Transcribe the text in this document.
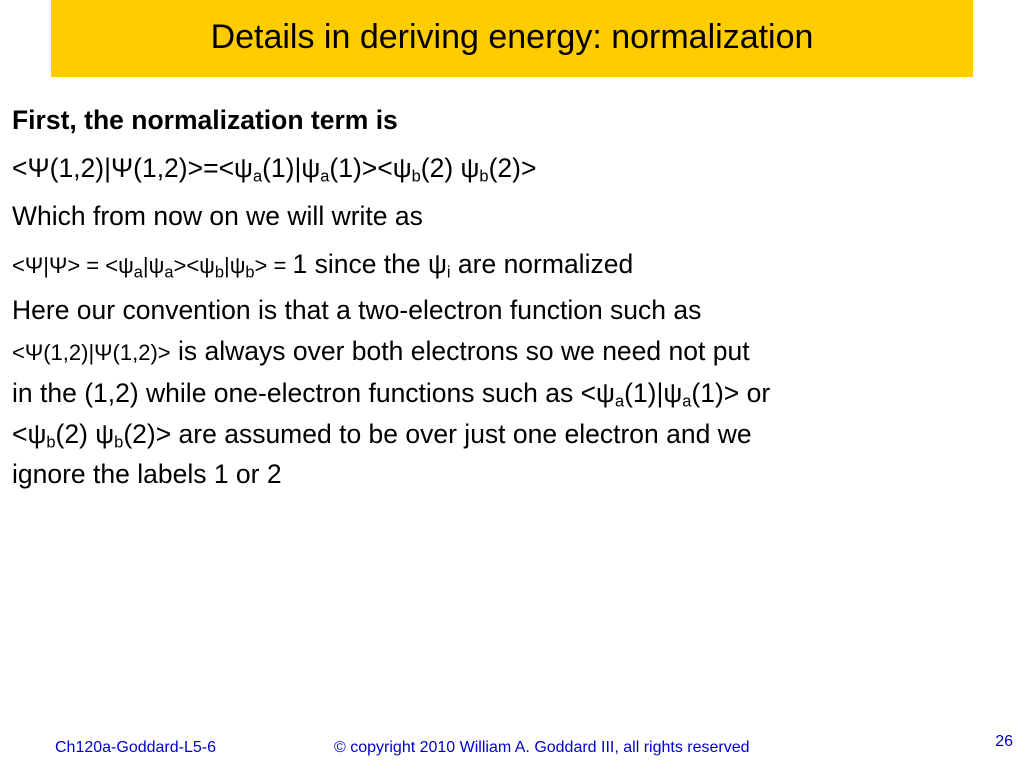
Details in deriving energy: normalization
First, the normalization term is
$<\Psi(1,2)|\Psi(1,2)>=<\psi_a(1)|\psi_a(1)><\psi_b(2)$ $\psi_b(2)>$
Which from now on we will write as
$<\Psi|\Psi> = <\psi_a|\psi_a><\psi_b|\psi_b> = 1$ since the $\psi_i$ are normalized
Here our convention is that a two-electron function such as
<Ψ(1,2)|Ψ(1,2)> is always over both electrons so we need not put
in the (1,2) while one-electron functions such as $<\psi_a(1)|\psi_a(1)>$ or
$<\psi_b(2)$ $\psi_b(2)>$ are assumed to be over just one electron and we
ignore the labels 1 or 2
Ch120a-Goddard-L5-6	© copyright 2010 William A. Goddard III, all rights reserved	26
